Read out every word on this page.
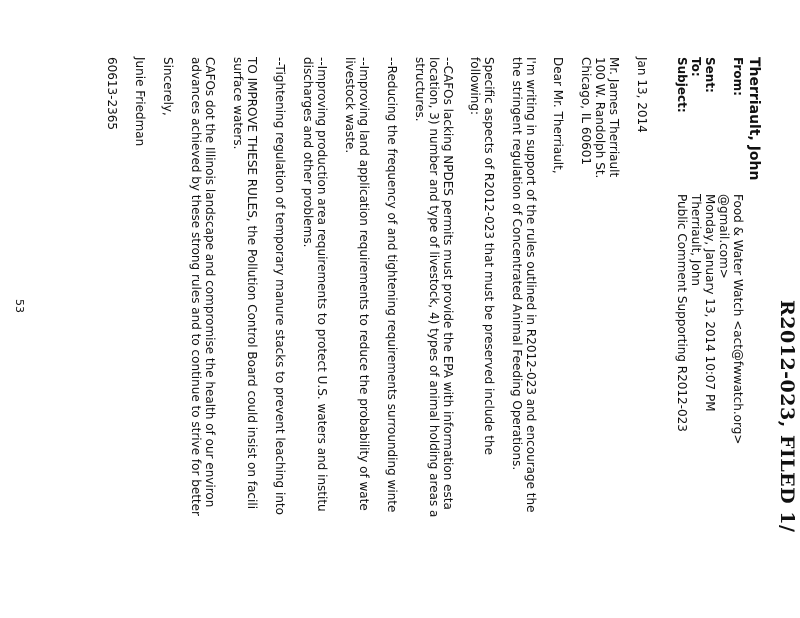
R2012-023, FILED 1/
Therriault, John
From:
Food & Water Watch <act@fwwatch.org>
@gmail.com>
Sent:
Monday, January 13, 2014 10:07 PM
To:
Therriault, John
Subject:
Public Comment Supporting R2012-023
Jan 13, 2014
Mr. James Therriault
100 W. Randolph St.
Chicago, IL 60601
Dear Mr. Therriault,
I'm writing in support of the rules outlined in R2012-023 and encourage the
the stringent regulation of Concentrated Animal Feeding Operations.
Specific aspects of R2012-023 that must be preserved include the
following:
--CAFOs lacking NPDES permits must provide the EPA with information esta
location, 3) number and type of livestock, 4) types of animal holding areas a
structures.
--Reducing the frequency of and tightening requirements surrounding winte
--Improving land application requirements to reduce the probability of wate
livestock waste.
--Improving production area requirements to protect U.S. waters and institu
discharges and other problems.
--Tightening regulation of temporary manure stacks to prevent leaching into
TO IMPROVE THESE RULES, the Pollution Control Board could insist on facili
surface waters.
CAFOs dot the Illinois landscape and compromise the health of our environ
advances achieved by these strong rules and to continue to strive for better
Sincerely,
Junie Friedman
60613-2365
53
